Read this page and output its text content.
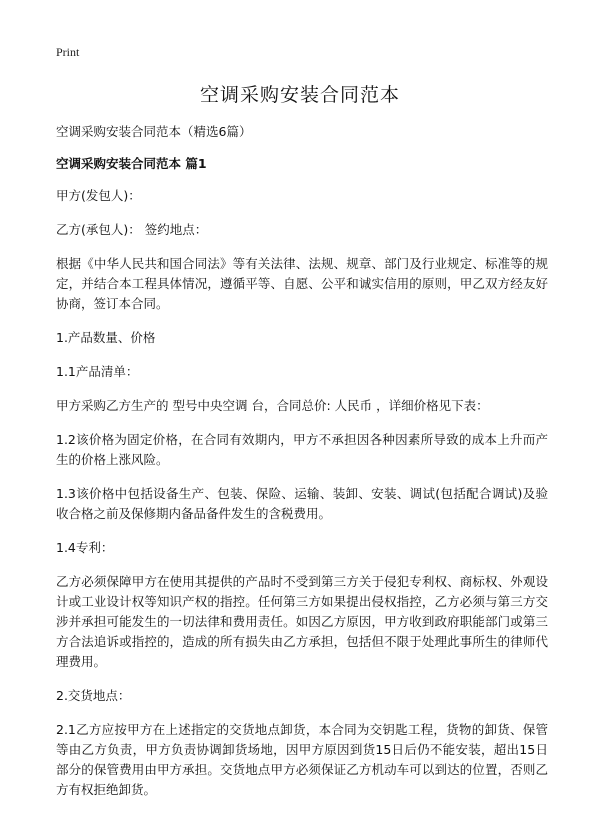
Print
空调采购安装合同范本

空调采购安装合同范本（精选6篇）

空调采购安装合同范本 篇1

甲方(发包人)：

乙方(承包人)： 签约地点：

根据《中华人民共和国合同法》等有关法律、法规、规章、部门及行业规定、标准等的规定，并结合本工程具体情况，遵循平等、自愿、公平和诚实信用的原则，甲乙双方经友好协商，签订本合同。

1.产品数量、价格

1.1产品清单：

甲方采购乙方生产的 型号中央空调 台，合同总价: 人民币 ，详细价格见下表：

1.2该价格为固定价格，在合同有效期内，甲方不承担因各种因素所导致的成本上升而产生的价格上涨风险。

1.3该价格中包括设备生产、包装、保险、运输、装卸、安装、调试(包括配合调试)及验收合格之前及保修期内备品备件发生的含税费用。

1.4专利：

乙方必须保障甲方在使用其提供的产品时不受到第三方关于侵犯专利权、商标权、外观设计或工业设计权等知识产权的指控。任何第三方如果提出侵权指控，乙方必须与第三方交涉并承担可能发生的一切法律和费用责任。如因乙方原因，甲方收到政府职能部门或第三方合法追诉或指控的，造成的所有损失由乙方承担，包括但不限于处理此事所生的律师代理费用。

2.交货地点：

2.1乙方应按甲方在上述指定的交货地点卸货，本合同为交钥匙工程，货物的卸货、保管等由乙方负责，甲方负责协调卸货场地，因甲方原因到货15日后仍不能安装，超出15日部分的保管费用由甲方承担。交货地点甲方必须保证乙方机动车可以到达的位置，否则乙方有权拒绝卸货。
